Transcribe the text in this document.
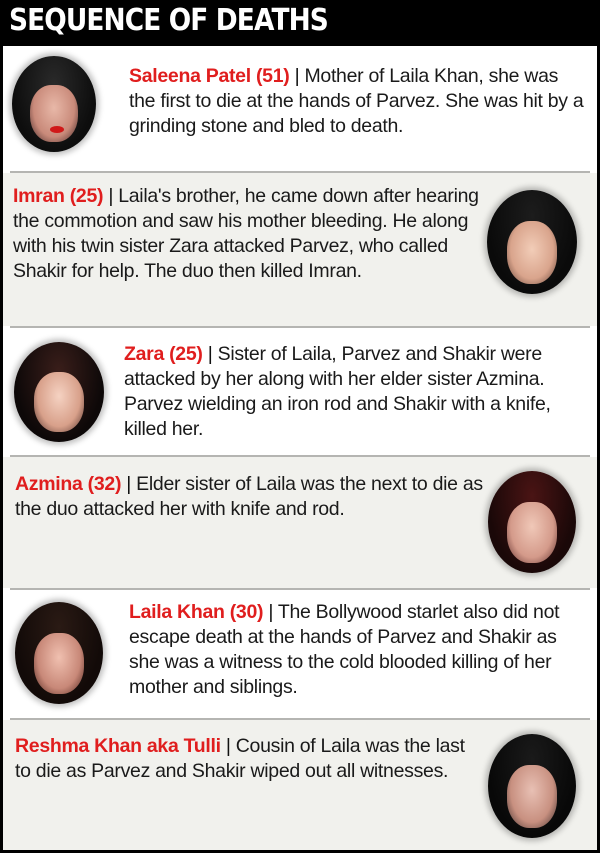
SEQUENCE OF DEATHS
Saleena Patel (51) | Mother of Laila Khan, she was the first to die at the hands of Parvez. She was hit by a grinding stone and bled to death.
Imran (25) | Laila's brother, he came down after hearing the commotion and saw his mother bleeding. He along with his twin sister Zara attacked Parvez, who called Shakir for help. The duo then killed Imran.
Zara (25) | Sister of Laila, Parvez and Shakir were attacked by her along with her elder sister Azmina. Parvez wielding an iron rod and Shakir with a knife, killed her.
Azmina (32) | Elder sister of Laila was the next to die as the duo attacked her with knife and rod.
Laila Khan (30) | The Bollywood starlet also did not escape death at the hands of Parvez and Shakir as she was a witness to the cold blooded killing of her mother and siblings.
Reshma Khan aka Tulli | Cousin of Laila was the last to die as Parvez and Shakir wiped out all witnesses.
